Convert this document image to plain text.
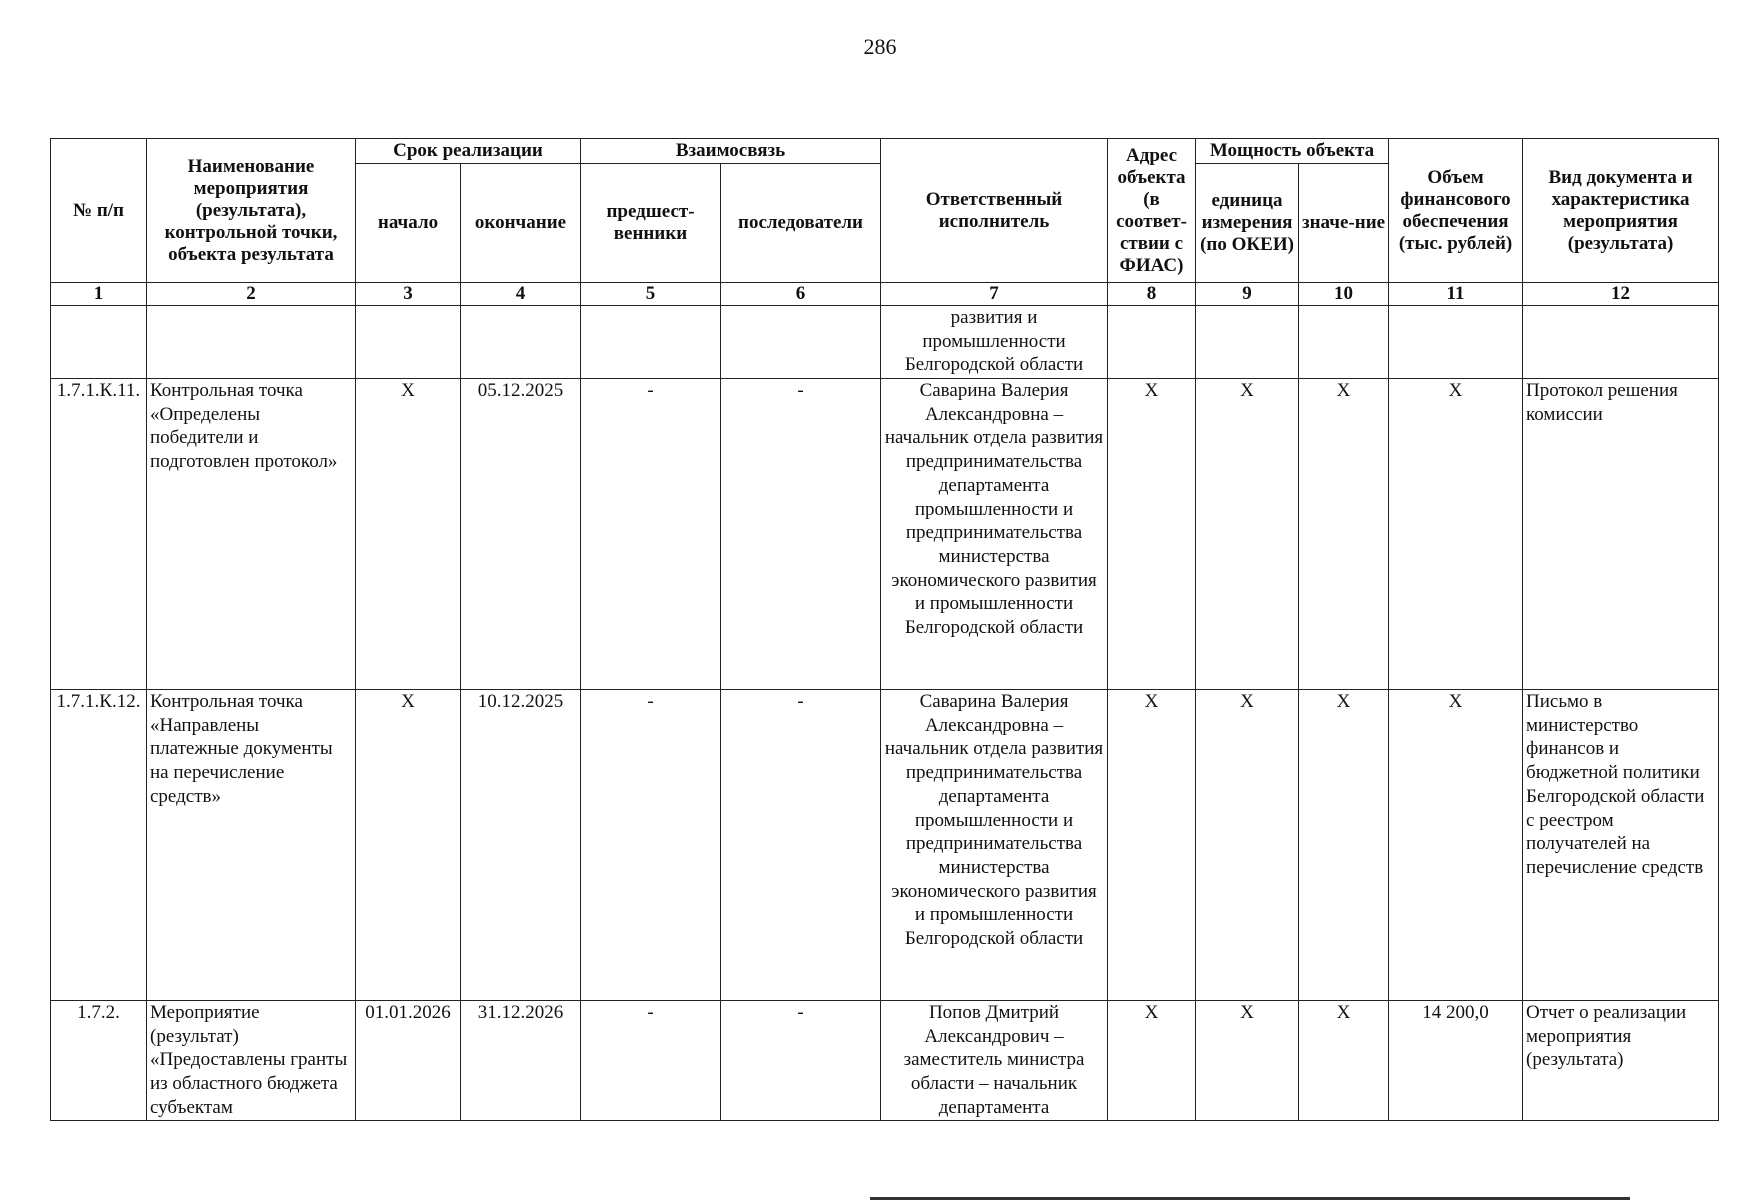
286
№ п/п	Наименование мероприятия (результата), контрольной точки, объекта результата	Срок реализации		Взаимосвязь		Ответственный исполнитель	Адрес объекта (в соответ-ствии с ФИАС)	Мощность объекта		Объем финансового обеспечения (тыс. рублей)	Вид документа и характеристика мероприятия (результата)
		начало	окончание	предшест-венники	последователи			единица измерения (по ОКЕИ)	значе-ние		
1	2	3	4	5	6	7	8	9	10	11	12
						развития и промышленности Белгородской области					
1.7.1.К.11.	Контрольная точка «Определены победители и подготовлен протокол»	Х	05.12.2025	-	-	Саварина Валерия Александровна – начальник отдела развития предпринимательства департамента промышленности и предпринимательства министерства экономического развития и промышленности Белгородской области	Х	Х	Х	Х	Протокол решения комиссии
1.7.1.К.12.	Контрольная точка «Направлены платежные документы на перечисление средств»	Х	10.12.2025	-	-	Саварина Валерия Александровна – начальник отдела развития предпринимательства департамента промышленности и предпринимательства министерства экономического развития и промышленности Белгородской области	Х	Х	Х	Х	Письмо в министерство финансов и бюджетной политики Белгородской области с реестром получателей на перечисление средств
1.7.2.	Мероприятие (результат) «Предоставлены гранты из областного бюджета субъектам	01.01.2026	31.12.2026	-	-	Попов Дмитрий Александрович – заместитель министра области – начальник департамента	Х	Х	Х	14 200,0	Отчет о реализации мероприятия (результата)
